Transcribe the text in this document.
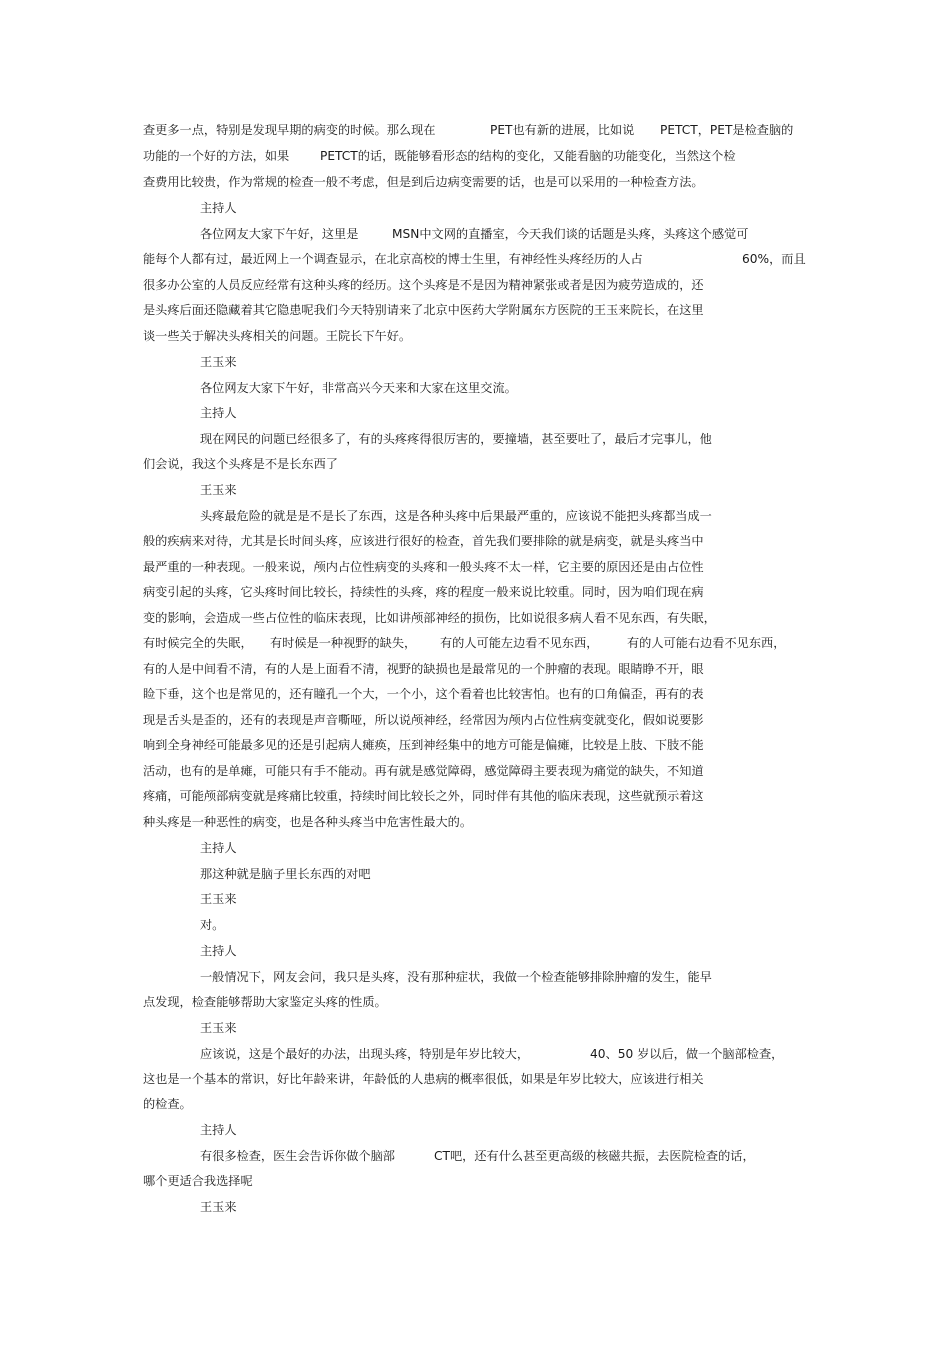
查更多一点，特别是发现早期的病变的时候。那么现在	PET也有新的进展，比如说 PETCT，PET是检查脑的
功能的一个好的方法，如果	PETCT的话，既能够看形态的结构的变化，又能看脑的功能变化，当然这个检
查费用比较贵，作为常规的检查一般不考虑，但是到后边病变需要的话，也是可以采用的一种检查方法。
主持人
各位网友大家下午好，这里是	MSN中文网的直播室，今天我们谈的话题是头疼，头疼这个感觉可
能每个人都有过，最近网上一个调查显示，在北京高校的博士生里，有神经性头疼经历的人占	60%，而且
很多办公室的人员反应经常有这种头疼的经历。这个头疼是不是因为精神紧张或者是因为疲劳造成的，还
是头疼后面还隐藏着其它隐患呢我们今天特别请来了北京中医药大学附属东方医院的王玉来院长，在这里
谈一些关于解决头疼相关的问题。王院长下午好。
王玉来
各位网友大家下午好，非常高兴今天来和大家在这里交流。
主持人
现在网民的问题已经很多了，有的头疼疼得很厉害的，要撞墙，甚至要吐了，最后才完事儿，他
们会说，我这个头疼是不是长东西了
王玉来
头疼最危险的就是是不是长了东西，这是各种头疼中后果最严重的，应该说不能把头疼都当成一
般的疾病来对待，尤其是长时间头疼，应该进行很好的检查，首先我们要排除的就是病变，就是头疼当中
最严重的一种表现。一般来说，颅内占位性病变的头疼和一般头疼不太一样，它主要的原因还是由占位性
病变引起的头疼，它头疼时间比较长，持续性的头疼，疼的程度一般来说比较重。同时，因为咱们现在病
变的影响，会造成一些占位性的临床表现，比如讲颅部神经的损伤，比如说很多病人看不见东西，有失眠，
有时候完全的失眠， 有时候是一种视野的缺失， 有的人可能左边看不见东西， 有的人可能右边看不见东西，
有的人是中间看不清，有的人是上面看不清，视野的缺损也是最常见的一个肿瘤的表现。眼睛睁不开，眼
睑下垂，这个也是常见的，还有瞳孔一个大，一个小，这个看着也比较害怕。也有的口角偏歪，再有的表
现是舌头是歪的，还有的表现是声音嘶哑，所以说颅神经，经常因为颅内占位性病变就变化，假如说要影
响到全身神经可能最多见的还是引起病人瘫痪，压到神经集中的地方可能是偏瘫，比较是上肢、下肢不能
活动，也有的是单瘫，可能只有手不能动。再有就是感觉障碍，感觉障碍主要表现为痛觉的缺失，不知道
疼痛，可能颅部病变就是疼痛比较重，持续时间比较长之外，同时伴有其他的临床表现，这些就预示着这
种头疼是一种恶性的病变，也是各种头疼当中危害性最大的。
主持人
那这种就是脑子里长东西的对吧
王玉来
对。
主持人
一般情况下，网友会问，我只是头疼，没有那种症状，我做一个检查能够排除肿瘤的发生，能早
点发现，检查能够帮助大家鉴定头疼的性质。
王玉来
应该说，这是个最好的办法，出现头疼，特别是年岁比较大，	40、50 岁以后，做一个脑部检查，
这也是一个基本的常识，好比年龄来讲，年龄低的人患病的概率很低，如果是年岁比较大，应该进行相关
的检查。
主持人
有很多检查，医生会告诉你做个脑部	CT吧，还有什么甚至更高级的核磁共振，去医院检查的话，
哪个更适合我选择呢
王玉来
